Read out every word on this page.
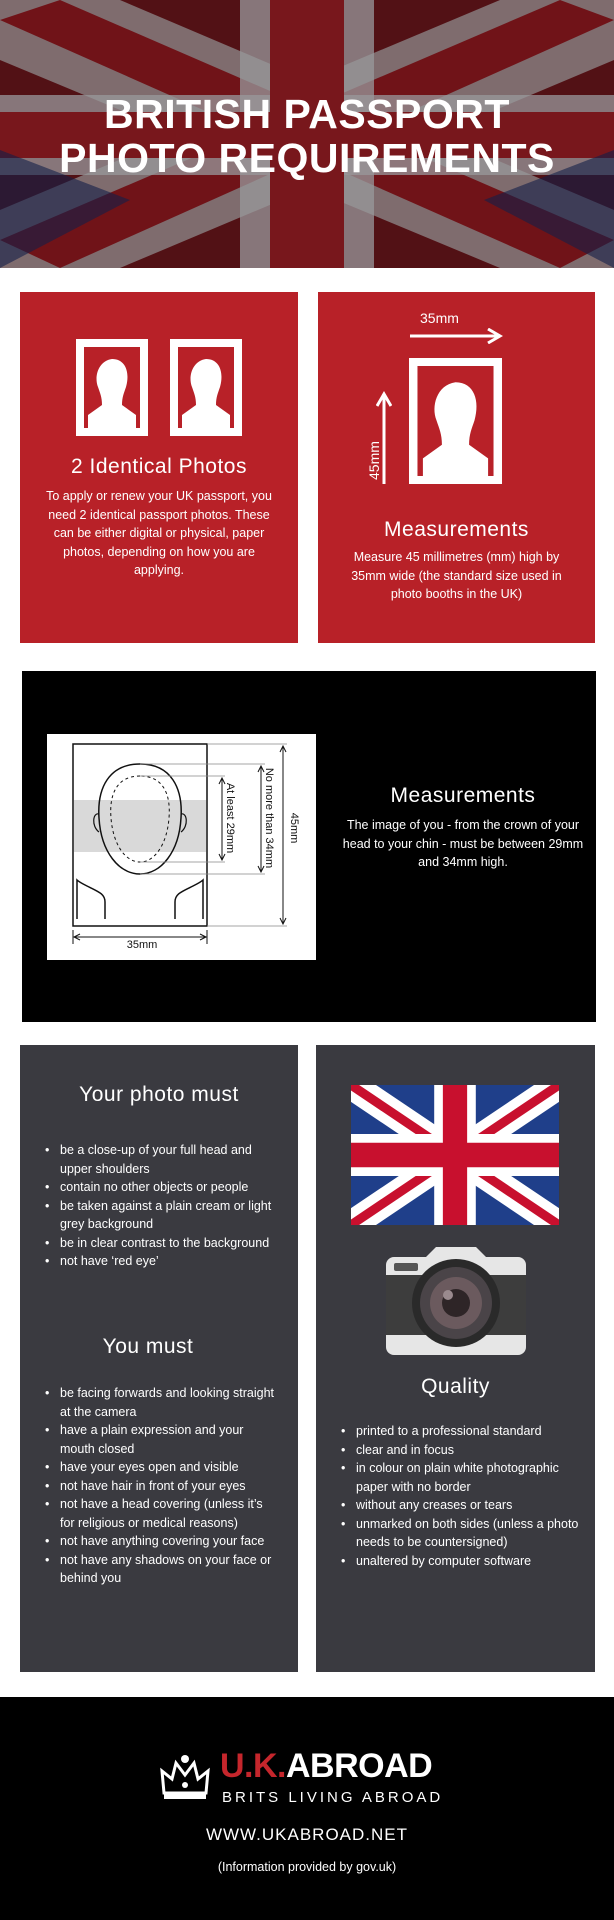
BRITISH PASSPORT
PHOTO REQUIREMENTS
2 Identical Photos
To apply or renew your UK passport, you need 2 identical passport photos. These can be either digital or physical, paper photos, depending on how you are applying.
35mm
45mm
Measurements
Measure 45 millimetres (mm) high by 35mm wide (the standard size used in photo booths in the UK)
At least 29mm No more than 34mm 45mm
35mm
Measurements
The image of you - from the crown of your head to your chin - must be between 29mm and 34mm high.
Your photo must
• be a close-up of your full head and upper shoulders
• contain no other objects or people
• be taken against a plain cream or light grey background
• be in clear contrast to the background
• not have ‘red eye’
You must
• be facing forwards and looking straight at the camera
• have a plain expression and your mouth closed
• have your eyes open and visible
• not have hair in front of your eyes
• not have a head covering (unless it’s for religious or medical reasons)
• not have anything covering your face
• not have any shadows on your face or behind you
Quality
• printed to a professional standard
• clear and in focus
• in colour on plain white photographic paper with no border
• without any creases or tears
• unmarked on both sides (unless a photo needs to be countersigned)
• unaltered by computer software
U.K.ABROAD
BRITS LIVING ABROAD
WWW.UKABROAD.NET
(Information provided by gov.uk)
